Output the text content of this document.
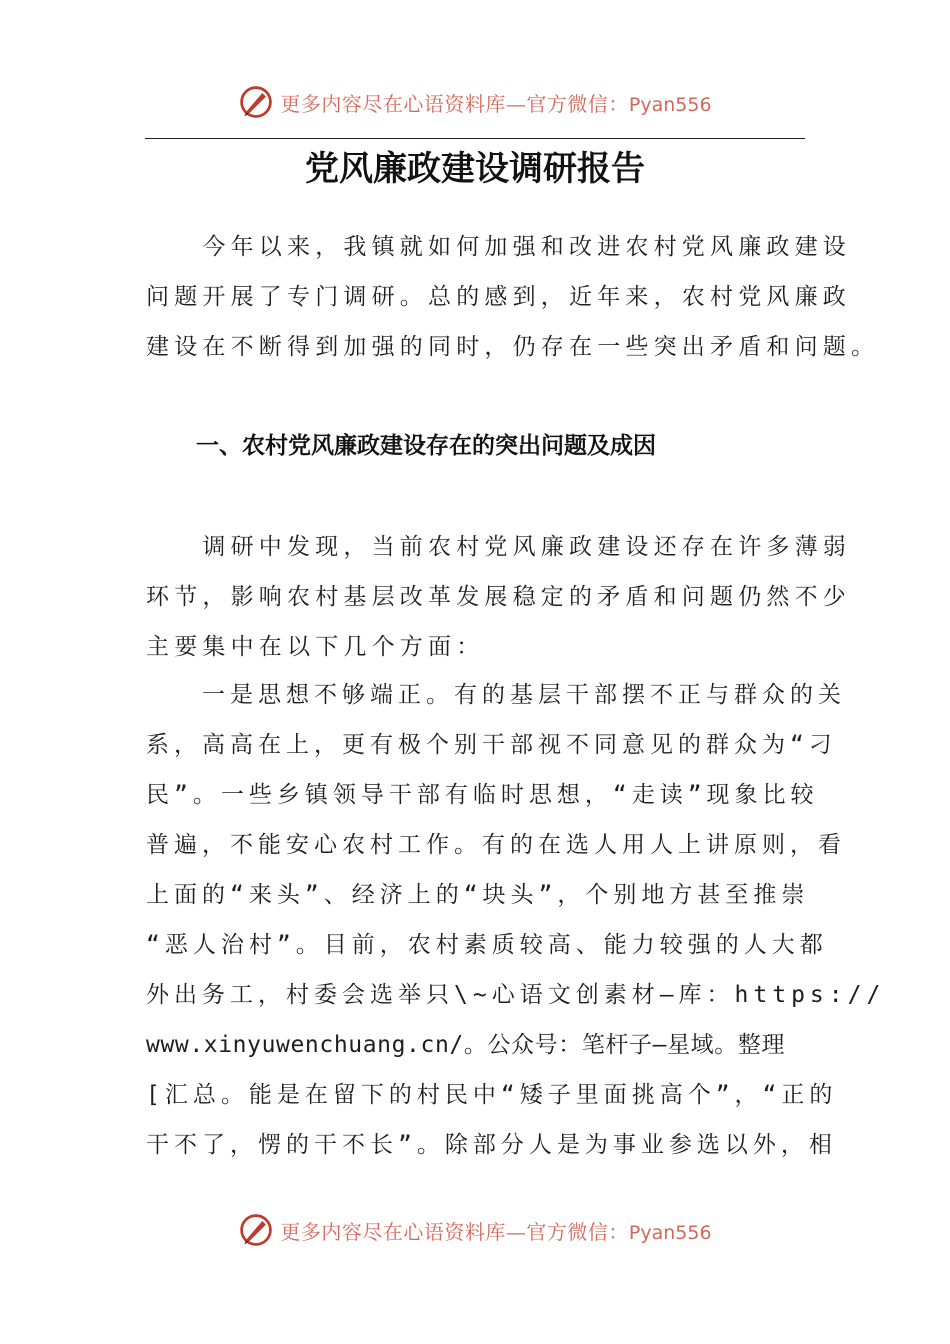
更多内容尽在心语资料库—官方微信：Pyan556
党风廉政建设调研报告
　　今年以来，我镇就如何加强和改进农村党风廉政建设
问题开展了专门调研。总的感到，近年来，农村党风廉政
建设在不断得到加强的同时，仍存在一些突出矛盾和问题。
一、农村党风廉政建设存在的突出问题及成因
　　调研中发现，当前农村党风廉政建设还存在许多薄弱
环节，影响农村基层改革发展稳定的矛盾和问题仍然不少
主要集中在以下几个方面：
　　一是思想不够端正。有的基层干部摆不正与群众的关
系，高高在上，更有极个别干部视不同意见的群众为“刁
民”。一些乡镇领导干部有临时思想，“走读”现象比较
普遍，不能安心农村工作。有的在选人用人上讲原则，看
上面的“来头”、经济上的“块头”，个别地方甚至推崇
“恶人治村”。目前，农村素质较高、能力较强的人大都
外出务工，村委会选举只\~心语文创素材—库：https://
www.xinyuwenchuang.cn/。公众号：笔杆子—星域。整理
[汇总。能是在留下的村民中“矮子里面挑高个”，“正的
干不了，愣的干不长”。除部分人是为事业参选以外，相
更多内容尽在心语资料库—官方微信：Pyan556
